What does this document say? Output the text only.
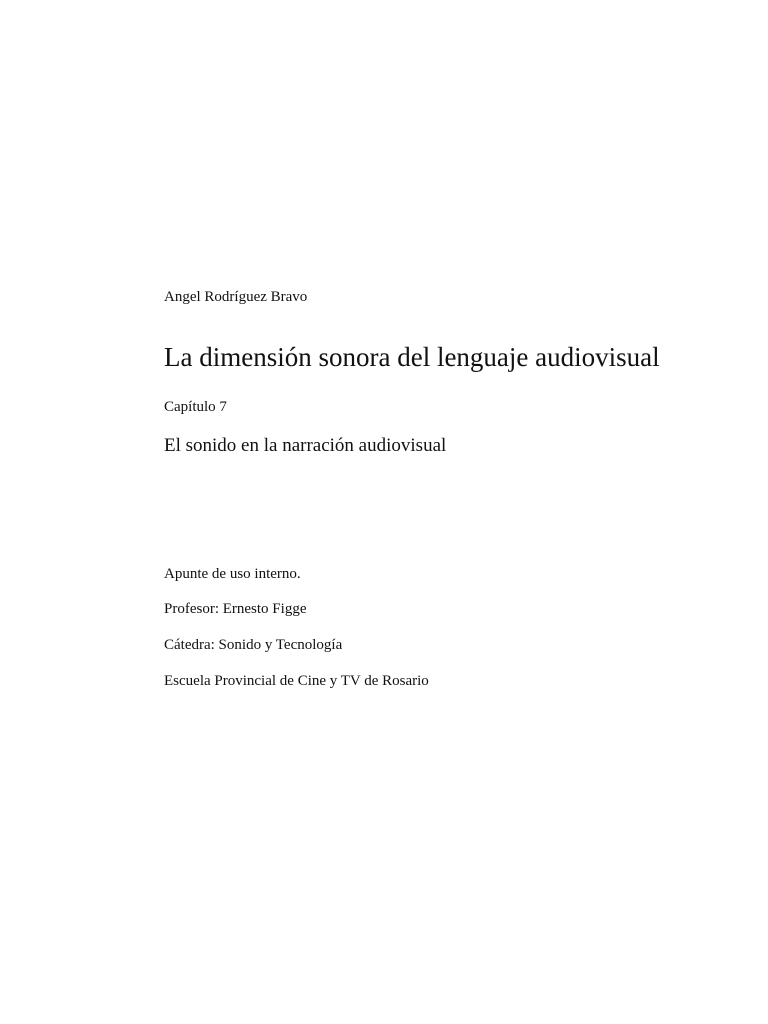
Angel Rodríguez Bravo

La dimensión sonora del lenguaje audiovisual

Capítulo 7

El sonido en la narración audiovisual

Apunte de uso interno.

Profesor: Ernesto Figge

Cátedra: Sonido y Tecnología

Escuela Provincial de Cine y TV de Rosario
